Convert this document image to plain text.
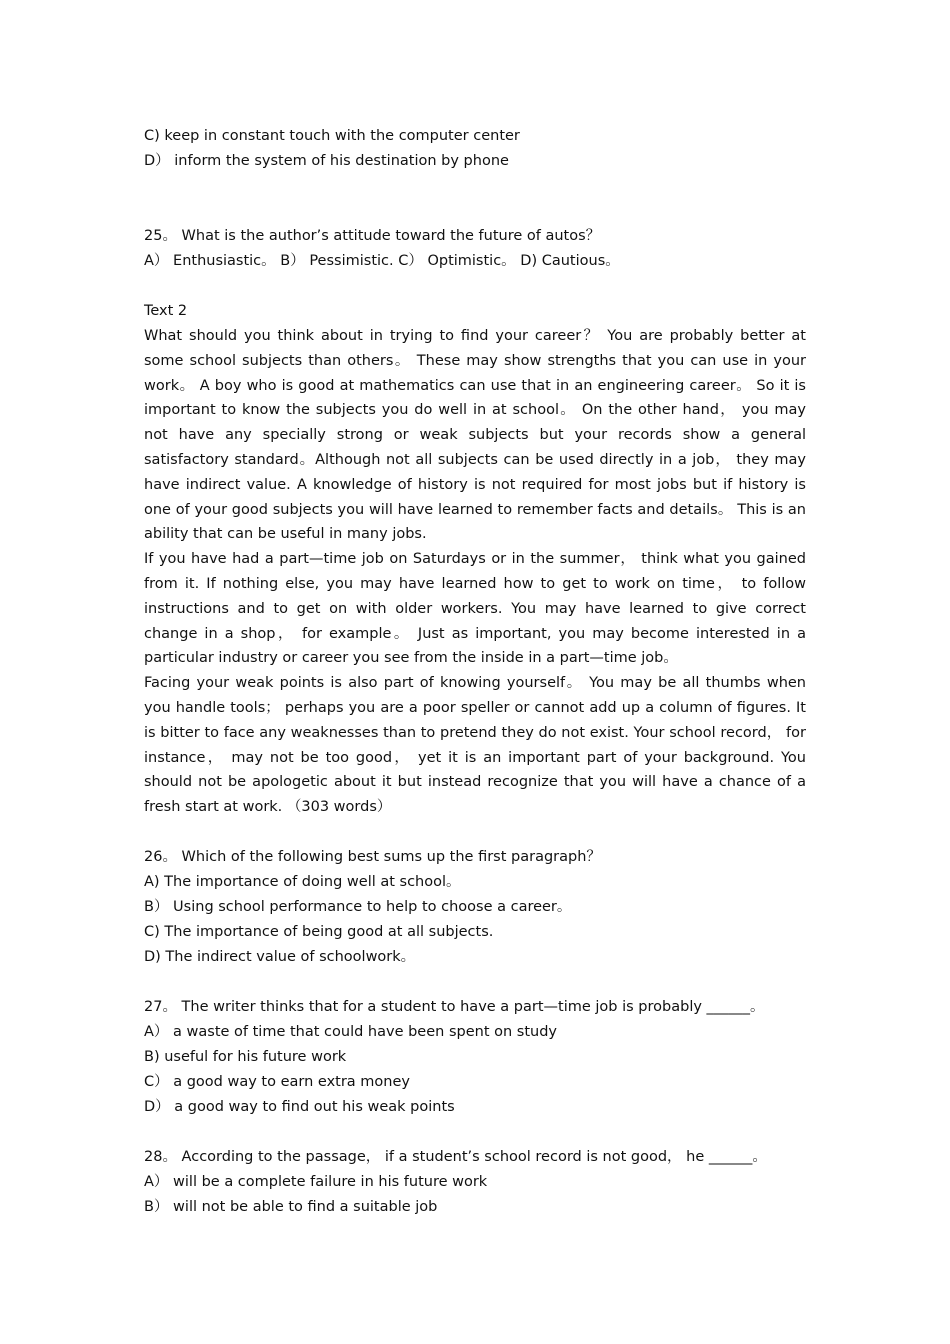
C) keep in constant touch with the computer center
D） inform the system of his destination by phone
25。 What is the author’s attitude toward the future of autos？
A） Enthusiastic。 B） Pessimistic. C） Optimistic。 D) Cautious。
Text 2

What should you think about in trying to find your career？ You are probably better at some school subjects than others。 These may show strengths that you can use in your work。 A boy who is good at mathematics can use that in an engineering career。 So it is important to know the subjects you do well in at school。 On the other hand， you may not have any specially strong or weak subjects but your records show a general satisfactory standard。Although not all subjects can be used directly in a job， they may have indirect value. A knowledge of history is not required for most jobs but if history is one of your good subjects you will have learned to remember facts and details。 This is an ability that can be useful in many jobs.

If you have had a part—time job on Saturdays or in the summer， think what you gained from it. If nothing else, you may have learned how to get to work on time， to follow instructions and to get on with older workers. You may have learned to give correct change in a shop， for example。 Just as important, you may become interested in a particular industry or career you see from the inside in a part—time job。

Facing your weak points is also part of knowing yourself。 You may be all thumbs when you handle tools； perhaps you are a poor speller or cannot add up a column of figures. It is bitter to face any weaknesses than to pretend they do not exist. Your school record， for instance， may not be too good， yet it is an important part of your background. You should not be apologetic about it but instead recognize that you will have a chance of a fresh start at work. （303 words）

26。 Which of the following best sums up the first paragraph？
A) The importance of doing well at school。
B） Using school performance to help to choose a career。
C) The importance of being good at all subjects.
D) The indirect value of schoolwork。
27。 The writer thinks that for a student to have a part—time job is probably ______。
A） a waste of time that could have been spent on study
B) useful for his future work
C） a good way to earn extra money
D） a good way to find out his weak points
28。 According to the passage， if a student’s school record is not good， he ______。
A） will be a complete failure in his future work
B） will not be able to find a suitable job
